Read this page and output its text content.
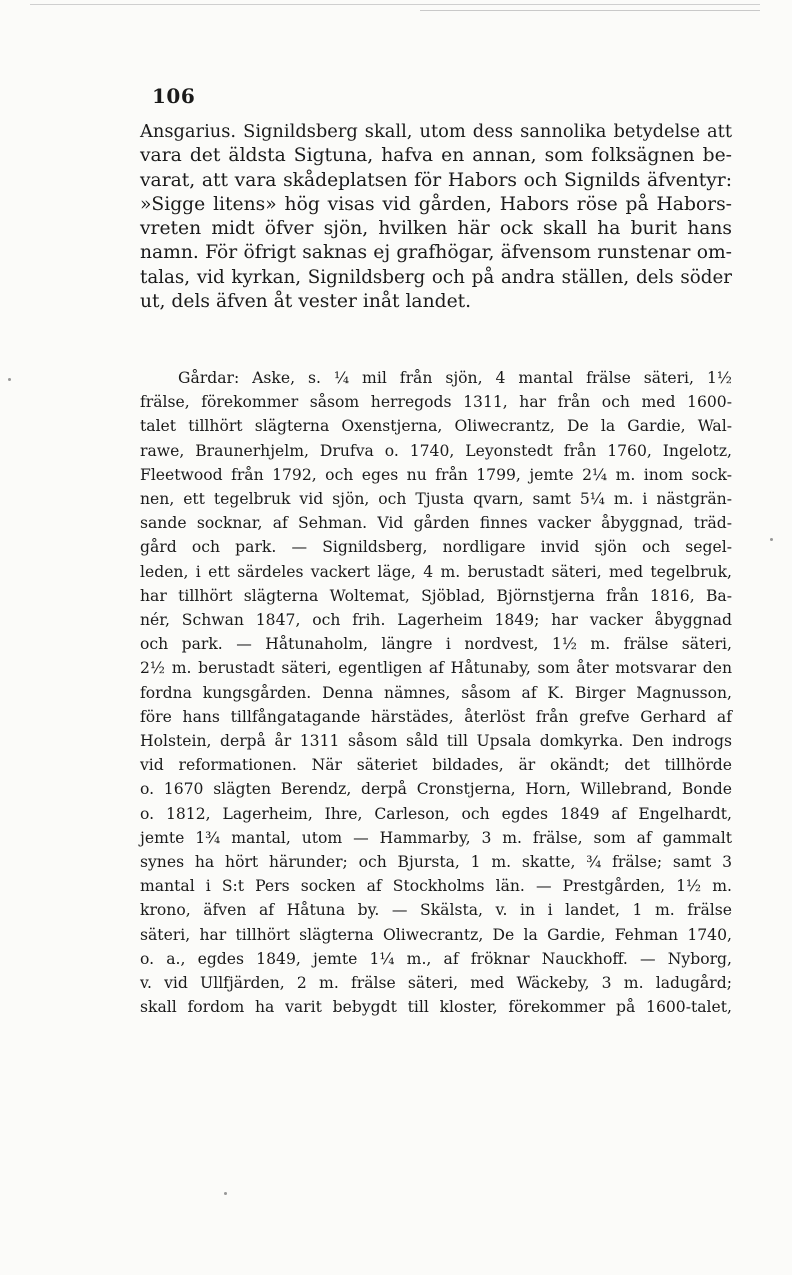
106
Ansgarius. Signildsberg skall, utom dess sannolika betydelse att
vara det äldsta Sigtuna, hafva en annan, som folksägnen be-
varat, att vara skådeplatsen för Habors och Signilds äfventyr:
»Sigge litens» hög visas vid gården, Habors röse på Habors-
vreten midt öfver sjön, hvilken här ock skall ha burit hans
namn. För öfrigt saknas ej grafhögar, äfvensom runstenar om-
talas, vid kyrkan, Signildsberg och på andra ställen, dels söder
ut, dels äfven åt vester inåt landet.
Gårdar: Aske, s. ¼ mil från sjön, 4 mantal frälse säteri, 1½
frälse, förekommer såsom herregods 1311, har från och med 1600-
talet tillhört slägterna Oxenstjerna, Oliwecrantz, De la Gardie, Wal-
rawe, Braunerhjelm, Drufva o. 1740, Leyonstedt från 1760, Ingelotz,
Fleetwood från 1792, och eges nu från 1799, jemte 2¼ m. inom sock-
nen, ett tegelbruk vid sjön, och Tjusta qvarn, samt 5¼ m. i nästgrän-
sande socknar, af Sehman. Vid gården finnes vacker åbyggnad, träd-
gård och park. — Signildsberg, nordligare invid sjön och segel-
leden, i ett särdeles vackert läge, 4 m. berustadt säteri, med tegelbruk,
har tillhört slägterna Woltemat, Sjöblad, Björnstjerna från 1816, Ba-
nér, Schwan 1847, och frih. Lagerheim 1849; har vacker åbyggnad
och park. — Håtunaholm, längre i nordvest, 1½ m. frälse säteri,
2½ m. berustadt säteri, egentligen af Håtunaby, som åter motsvarar den
fordna kungsgården. Denna nämnes, såsom af K. Birger Magnusson,
före hans tillfångatagande härstädes, återlöst från grefve Gerhard af
Holstein, derpå år 1311 såsom såld till Upsala domkyrka. Den indrogs
vid reformationen. När säteriet bildades, är okändt; det tillhörde
o. 1670 slägten Berendz, derpå Cronstjerna, Horn, Willebrand, Bonde
o. 1812, Lagerheim, Ihre, Carleson, och egdes 1849 af Engelhardt,
jemte 1¾ mantal, utom — Hammarby, 3 m. frälse, som af gammalt
synes ha hört härunder; och Bjursta, 1 m. skatte, ¾ frälse; samt 3
mantal i S:t Pers socken af Stockholms län. — Prestgården, 1½ m.
krono, äfven af Håtuna by. — Skälsta, v. in i landet, 1 m. frälse
säteri, har tillhört slägterna Oliwecrantz, De la Gardie, Fehman 1740,
o. a., egdes 1849, jemte 1¼ m., af fröknar Nauckhoff. — Nyborg,
v. vid Ullfjärden, 2 m. frälse säteri, med Wäckeby, 3 m. ladugård;
skall fordom ha varit bebygdt till kloster, förekommer på 1600-talet,
